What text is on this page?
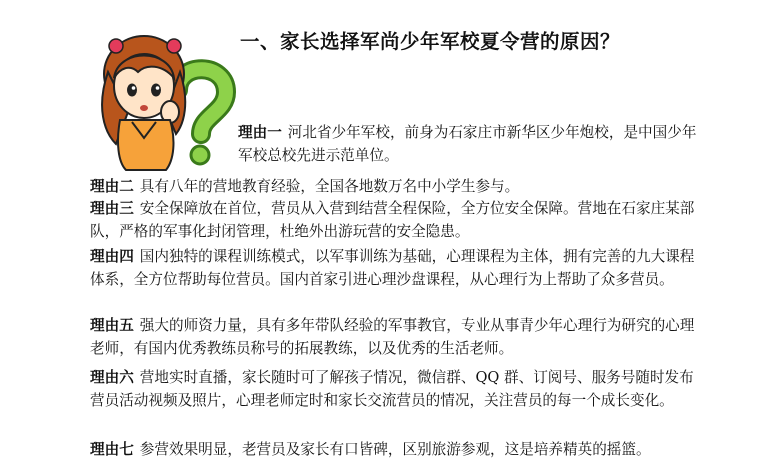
一、家长选择军尚少年军校夏令营的原因？

理由一 河北省少年军校，前身为石家庄市新华区少年炮校，是中国少年军校总校先进示范单位。

理由二 具有八年的营地教育经验，全国各地数万名中小学生参与。

理由三 安全保障放在首位，营员从入营到结营全程保险，全方位安全保障。营地在石家庄某部队，严格的军事化封闭管理，杜绝外出游玩营的安全隐患。

理由四 国内独特的课程训练模式，以军事训练为基础，心理课程为主体，拥有完善的九大课程体系，全方位帮助每位营员。国内首家引进心理沙盘课程，从心理行为上帮助了众多营员。

理由五 强大的师资力量，具有多年带队经验的军事教官，专业从事青少年心理行为研究的心理老师，有国内优秀教练员称号的拓展教练，以及优秀的生活老师。

理由六 营地实时直播，家长随时可了解孩子情况，微信群、QQ 群、订阅号、服务号随时发布营员活动视频及照片，心理老师定时和家长交流营员的情况，关注营员的每一个成长变化。

理由七 参营效果明显，老营员及家长有口皆碑，区别旅游参观，这是培养精英的摇篮。
